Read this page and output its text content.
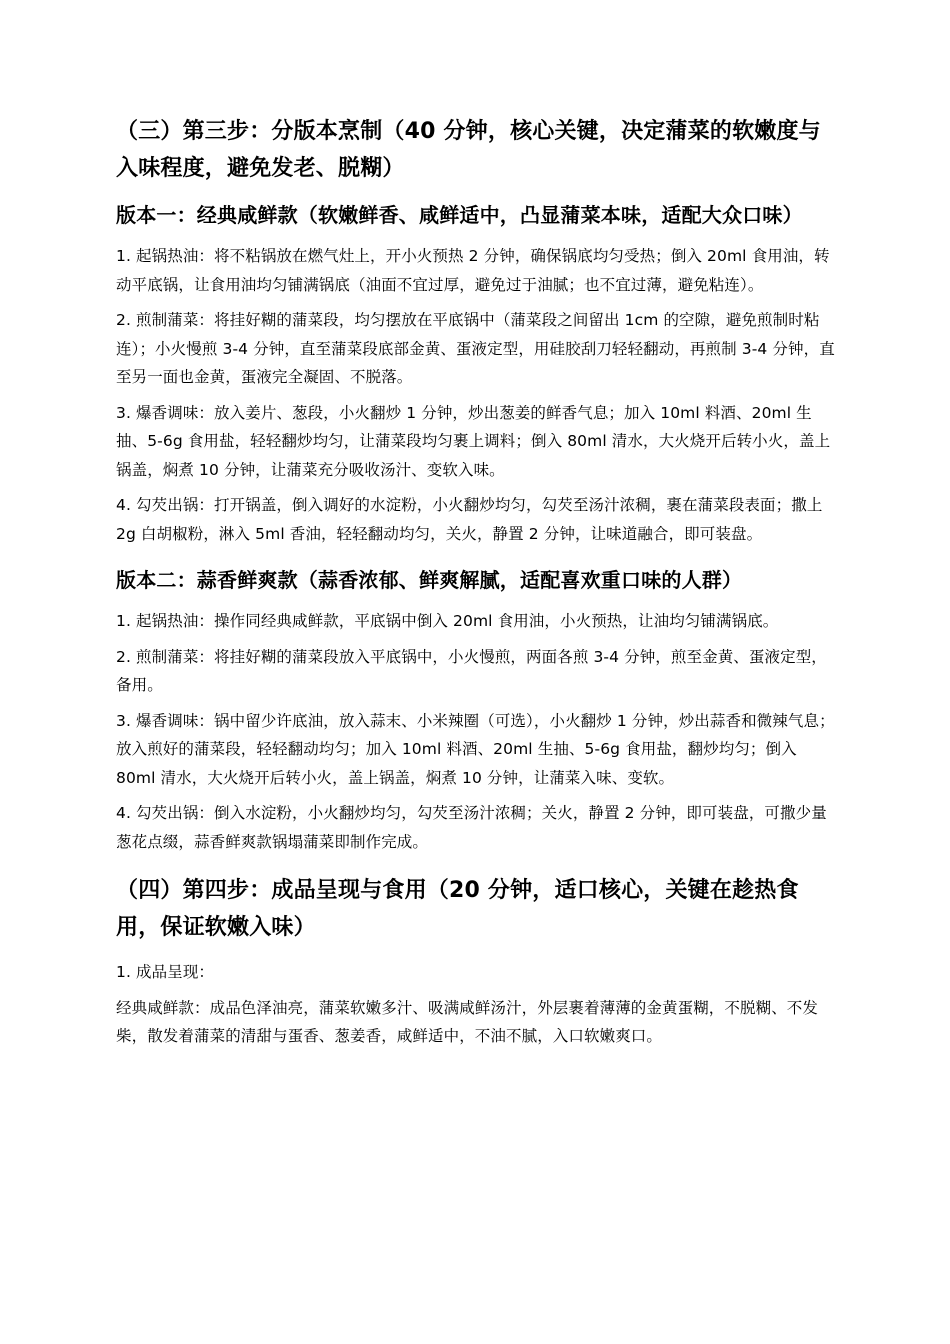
（三）第三步：分版本烹制（40 分钟，核心关键，决定蒲菜的软嫩度与入味程度，避免发老、脱糊）
版本一：经典咸鲜款（软嫩鲜香、咸鲜适中，凸显蒲菜本味，适配大众口味）
1. 起锅热油：将不粘锅放在燃气灶上，开小火预热 2 分钟，确保锅底均匀受热；倒入 20ml 食用油，转动平底锅，让食用油均匀铺满锅底（油面不宜过厚，避免过于油腻；也不宜过薄，避免粘连）。
2. 煎制蒲菜：将挂好糊的蒲菜段，均匀摆放在平底锅中（蒲菜段之间留出 1cm 的空隙，避免煎制时粘连）；小火慢煎 3-4 分钟，直至蒲菜段底部金黄、蛋液定型，用硅胶刮刀轻轻翻动，再煎制 3-4 分钟，直至另一面也金黄，蛋液完全凝固、不脱落。
3. 爆香调味：放入姜片、葱段，小火翻炒 1 分钟，炒出葱姜的鲜香气息；加入 10ml 料酒、20ml 生抽、5-6g 食用盐，轻轻翻炒均匀，让蒲菜段均匀裹上调料；倒入 80ml 清水，大火烧开后转小火，盖上锅盖，焖煮 10 分钟，让蒲菜充分吸收汤汁、变软入味。
4. 勾芡出锅：打开锅盖，倒入调好的水淀粉，小火翻炒均匀，勾芡至汤汁浓稠，裹在蒲菜段表面；撒上 2g 白胡椒粉，淋入 5ml 香油，轻轻翻动均匀，关火，静置 2 分钟，让味道融合，即可装盘。
版本二：蒜香鲜爽款（蒜香浓郁、鲜爽解腻，适配喜欢重口味的人群）
1. 起锅热油：操作同经典咸鲜款，平底锅中倒入 20ml 食用油，小火预热，让油均匀铺满锅底。
2. 煎制蒲菜：将挂好糊的蒲菜段放入平底锅中，小火慢煎，两面各煎 3-4 分钟，煎至金黄、蛋液定型，备用。
3. 爆香调味：锅中留少许底油，放入蒜末、小米辣圈（可选），小火翻炒 1 分钟，炒出蒜香和微辣气息；放入煎好的蒲菜段，轻轻翻动均匀；加入 10ml 料酒、20ml 生抽、5-6g 食用盐，翻炒均匀；倒入 80ml 清水，大火烧开后转小火，盖上锅盖，焖煮 10 分钟，让蒲菜入味、变软。
4. 勾芡出锅：倒入水淀粉，小火翻炒均匀，勾芡至汤汁浓稠；关火，静置 2 分钟，即可装盘，可撒少量葱花点缀，蒜香鲜爽款锅塌蒲菜即制作完成。
（四）第四步：成品呈现与食用（20 分钟，适口核心，关键在趁热食用，保证软嫩入味）
1. 成品呈现：
经典咸鲜款：成品色泽油亮，蒲菜软嫩多汁、吸满咸鲜汤汁，外层裹着薄薄的金黄蛋糊，不脱糊、不发柴，散发着蒲菜的清甜与蛋香、葱姜香，咸鲜适中，不油不腻，入口软嫩爽口。
